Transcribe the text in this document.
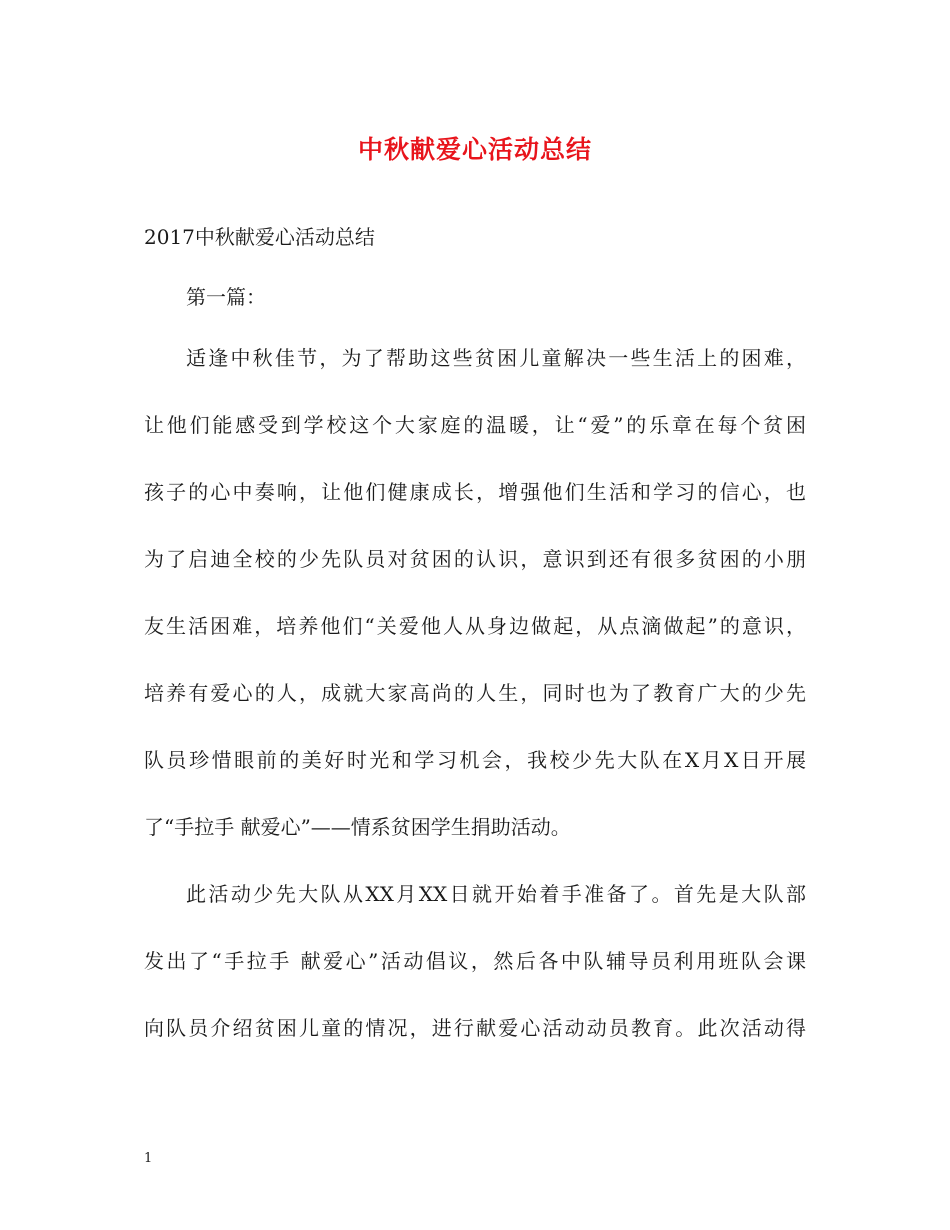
中秋献爱心活动总结
2017中秋献爱心活动总结
第一篇：
适逢中秋佳节，为了帮助这些贫困儿童解决一些生活上的困难，
让他们能感受到学校这个大家庭的温暖，让“爱”的乐章在每个贫困
孩子的心中奏响，让他们健康成长，增强他们生活和学习的信心，也
为了启迪全校的少先队员对贫困的认识，意识到还有很多贫困的小朋
友生活困难，培养他们“关爱他人从身边做起，从点滴做起”的意识，
培养有爱心的人，成就大家高尚的人生，同时也为了教育广大的少先
队员珍惜眼前的美好时光和学习机会，我校少先大队在X月X日开展
了“手拉手 献爱心”——情系贫困学生捐助活动。
此活动少先大队从XX月XX日就开始着手准备了。首先是大队部
发出了“手拉手 献爱心”活动倡议，然后各中队辅导员利用班队会课
向队员介绍贫困儿童的情况，进行献爱心活动动员教育。此次活动得
1
